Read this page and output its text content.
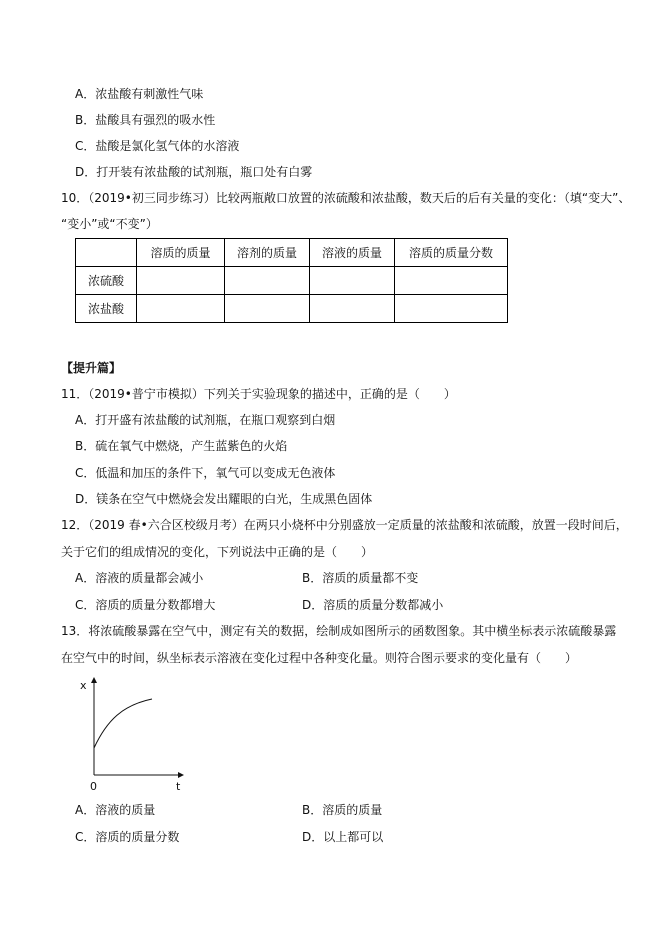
A．浓盐酸有刺激性气味
B．盐酸具有强烈的吸水性
C．盐酸是氯化氢气体的水溶液
D．打开装有浓盐酸的试剂瓶，瓶口处有白雾
10．（2019•初三同步练习）比较两瓶敞口放置的浓硫酸和浓盐酸，数天后的后有关量的变化：（填“变大”、
“变小”或“不变”）
	溶质的质量	溶剂的质量	溶液的质量	溶质的质量分数
浓硫酸				
浓盐酸				
【提升篇】
11．（2019•普宁市模拟）下列关于实验现象的描述中，正确的是（　　）
A．打开盛有浓盐酸的试剂瓶，在瓶口观察到白烟
B．硫在氧气中燃烧，产生蓝紫色的火焰
C．低温和加压的条件下，氧气可以变成无色液体
D．镁条在空气中燃烧会发出耀眼的白光，生成黑色固体
12．（2019 春•六合区校级月考）在两只小烧杯中分别盛放一定质量的浓盐酸和浓硫酸，放置一段时间后，
关于它们的组成情况的变化，下列说法中正确的是（　　）
A．溶液的质量都会减小	B．溶质的质量都不变
C．溶质的质量分数都增大	D．溶质的质量分数都减小
13．将浓硫酸暴露在空气中，测定有关的数据，绘制成如图所示的函数图象。其中横坐标表示浓硫酸暴露
在空气中的时间，纵坐标表示溶液在变化过程中各种变化量。则符合图示要求的变化量有（　　）
x
t
0
A．溶液的质量	B．溶质的质量
C．溶质的质量分数	D．以上都可以
